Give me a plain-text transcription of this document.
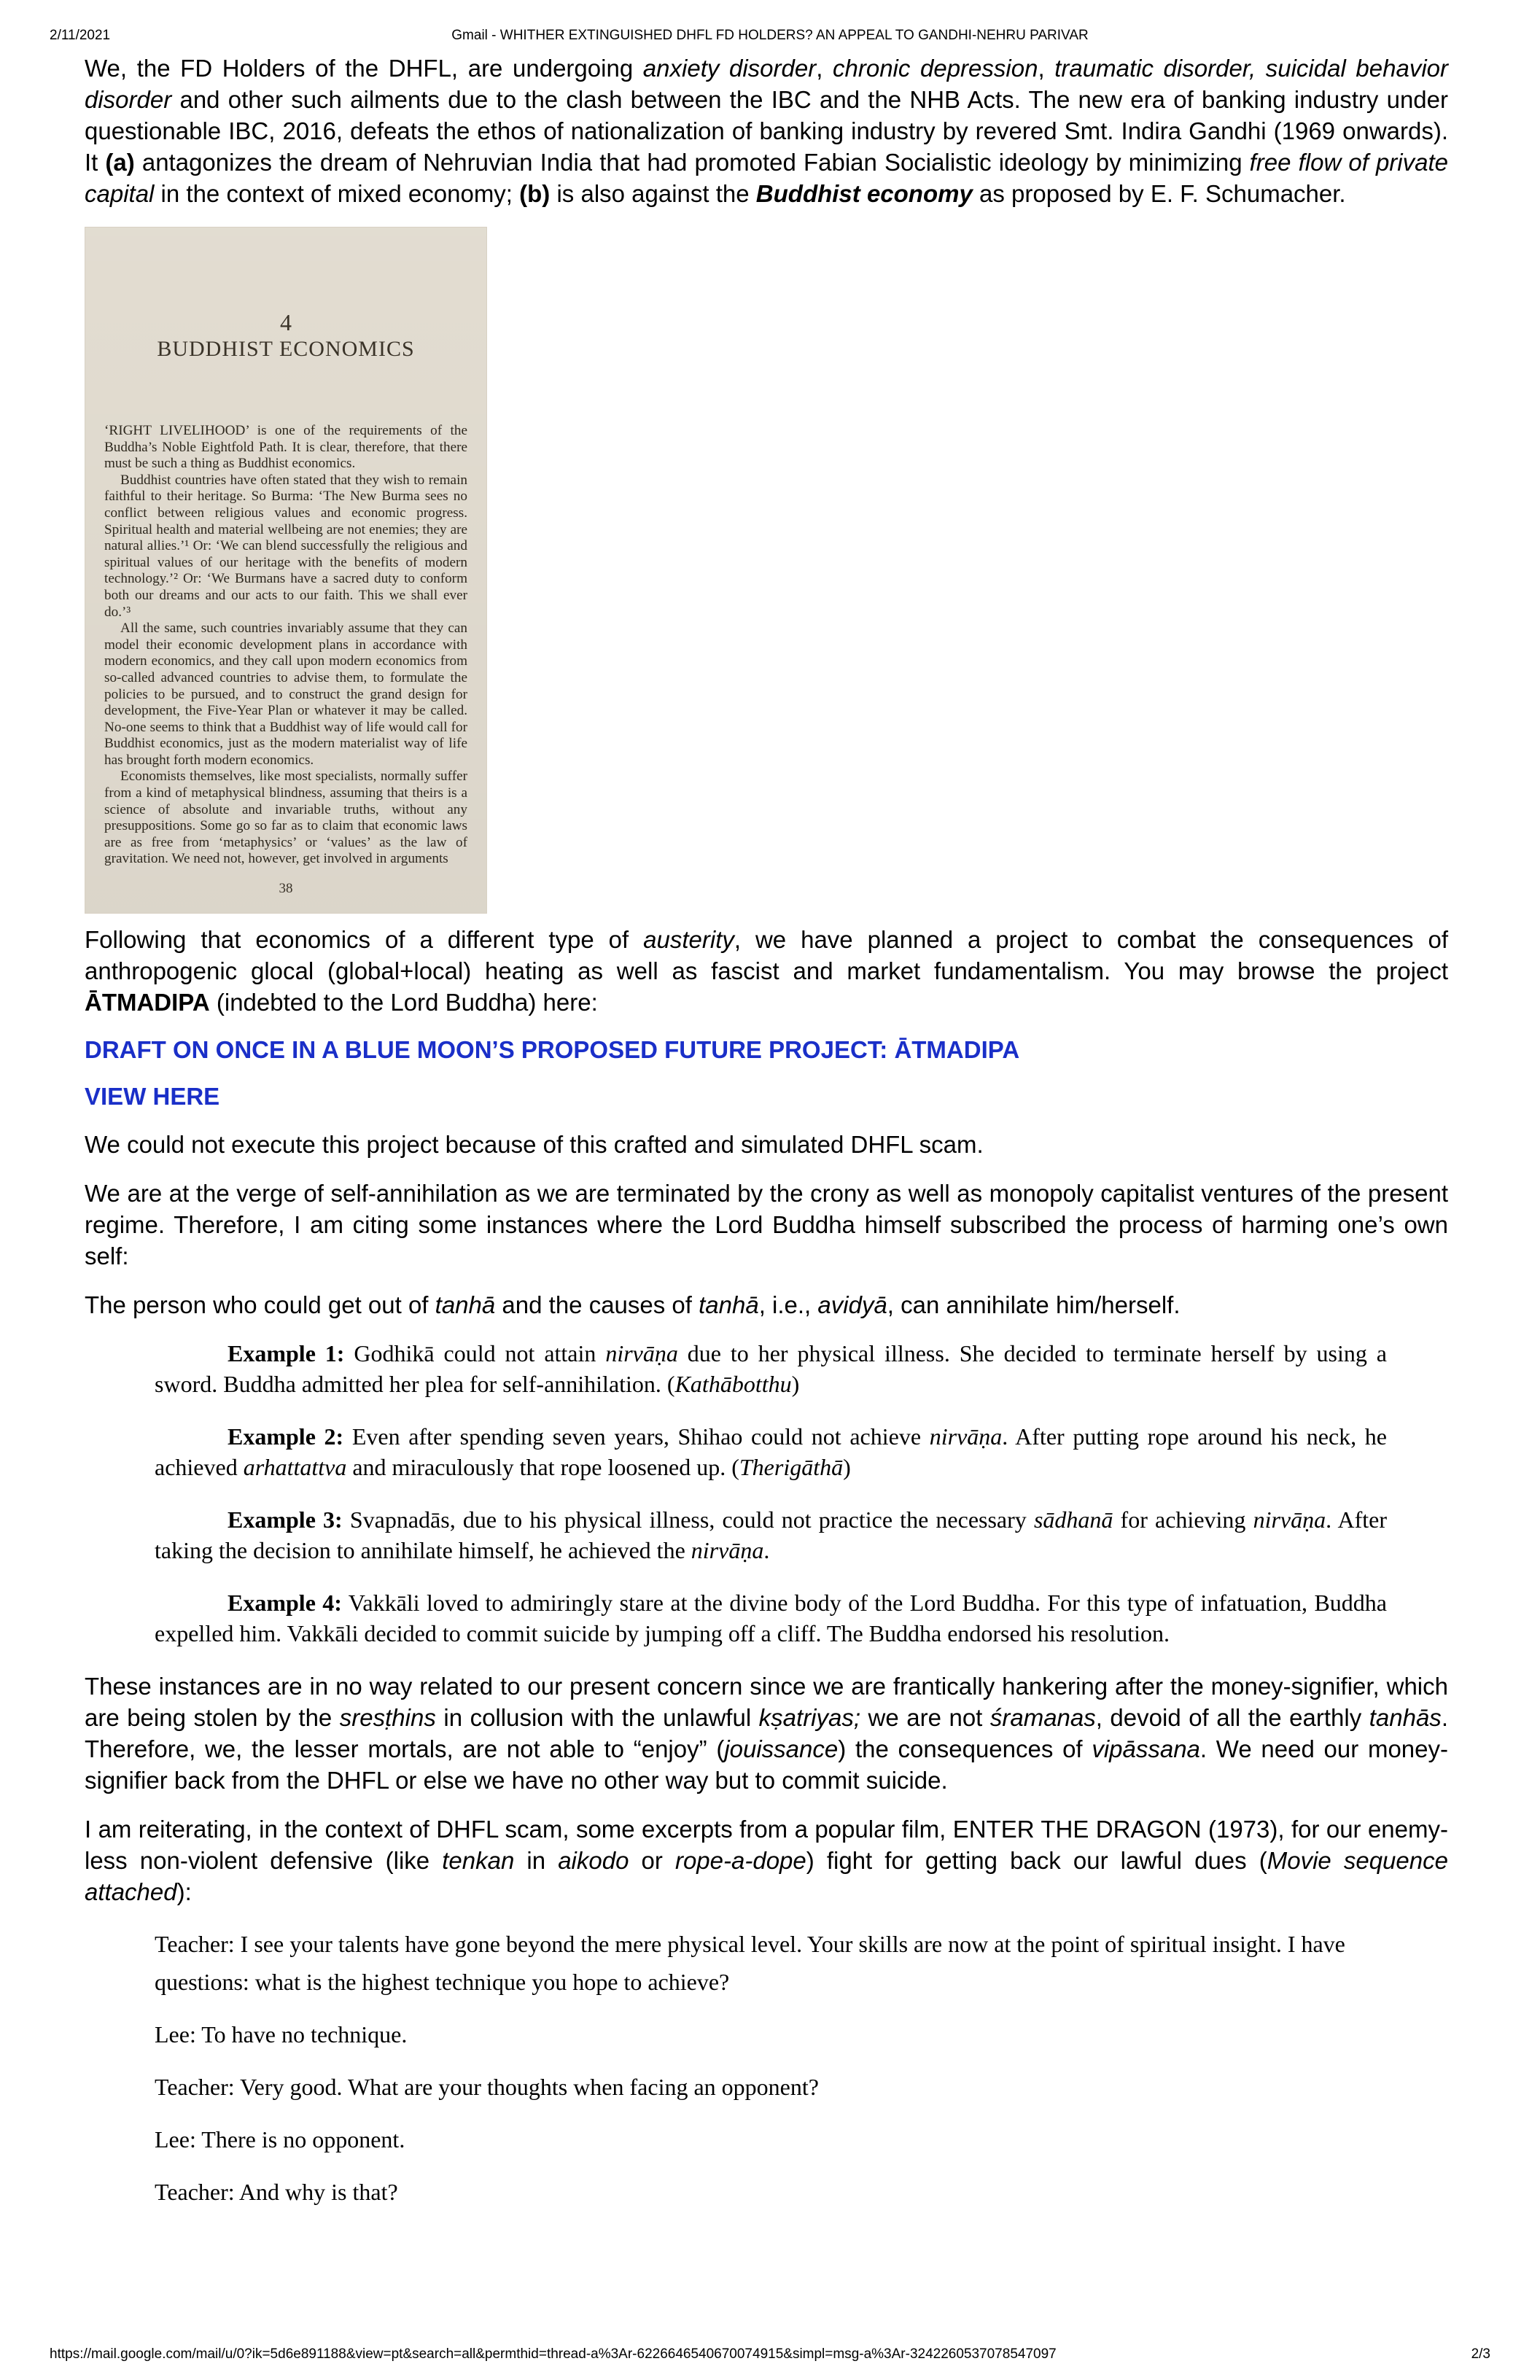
2/11/2021	Gmail - WHITHER EXTINGUISHED DHFL FD HOLDERS? AN APPEAL TO GANDHI-NEHRU PARIVAR

We, the FD Holders of the DHFL, are undergoing anxiety disorder, chronic depression, traumatic disorder, suicidal behavior disorder and other such ailments due to the clash between the IBC and the NHB Acts. The new era of banking industry under questionable IBC, 2016, defeats the ethos of nationalization of banking industry by revered Smt. Indira Gandhi (1969 onwards). It (a) antagonizes the dream of Nehruvian India that had promoted Fabian Socialistic ideology by minimizing free flow of private capital in the context of mixed economy; (b) is also against the Buddhist economy as proposed by E. F. Schumacher.

4
BUDDHIST ECONOMICS

‘RIGHT LIVELIHOOD’ is one of the requirements of the Buddha’s Noble Eightfold Path. It is clear, therefore, that there must be such a thing as Buddhist economics.

Buddhist countries have often stated that they wish to remain faithful to their heritage. So Burma: ‘The New Burma sees no conflict between religious values and economic progress. Spiritual health and material wellbeing are not enemies; they are natural allies.’¹ Or: ‘We can blend successfully the religious and spiritual values of our heritage with the benefits of modern technology.’² Or: ‘We Burmans have a sacred duty to conform both our dreams and our acts to our faith. This we shall ever do.’³

All the same, such countries invariably assume that they can model their economic development plans in accordance with modern economics, and they call upon modern economics from so-called advanced countries to advise them, to formulate the policies to be pursued, and to construct the grand design for development, the Five-Year Plan or whatever it may be called. No-one seems to think that a Buddhist way of life would call for Buddhist economics, just as the modern materialist way of life has brought forth modern economics.

Economists themselves, like most specialists, normally suffer from a kind of metaphysical blindness, assuming that theirs is a science of absolute and invariable truths, without any presuppositions. Some go so far as to claim that economic laws are as free from ‘metaphysics’ or ‘values’ as the law of gravitation. We need not, however, get involved in arguments

38

Following that economics of a different type of austerity, we have planned a project to combat the consequences of anthropogenic glocal (global+local) heating as well as fascist and market fundamentalism. You may browse the project ĀTMADIPA (indebted to the Lord Buddha) here:

DRAFT ON ONCE IN A BLUE MOON’S PROPOSED FUTURE PROJECT: ĀTMADIPA
VIEW HERE

We could not execute this project because of this crafted and simulated DHFL scam.

We are at the verge of self-annihilation as we are terminated by the crony as well as monopoly capitalist ventures of the present regime. Therefore, I am citing some instances where the Lord Buddha himself subscribed the process of harming one’s own self:

The person who could get out of tanhā and the causes of tanhā, i.e., avidyā, can annihilate him/herself.

Example 1: Godhikā could not attain nirvāṇa due to her physical illness. She decided to terminate herself by using a sword. Buddha admitted her plea for self-annihilation. (Kathābotthu)

Example 2: Even after spending seven years, Shihao could not achieve nirvāṇa. After putting rope around his neck, he achieved arhattattva and miraculously that rope loosened up. (Therigāthā)

Example 3: Svapnadās, due to his physical illness, could not practice the necessary sādhanā for achieving nirvāṇa. After taking the decision to annihilate himself, he achieved the nirvāṇa.

Example 4: Vakkāli loved to admiringly stare at the divine body of the Lord Buddha. For this type of infatuation, Buddha expelled him. Vakkāli decided to commit suicide by jumping off a cliff. The Buddha endorsed his resolution.

These instances are in no way related to our present concern since we are frantically hankering after the money-signifier, which are being stolen by the sresṭhins in collusion with the unlawful kṣatriyas; we are not śramanas, devoid of all the earthly tanhās. Therefore, we, the lesser mortals, are not able to “enjoy” (jouissance) the consequences of vipāssana. We need our money-signifier back from the DHFL or else we have no other way but to commit suicide.

I am reiterating, in the context of DHFL scam, some excerpts from a popular film, ENTER THE DRAGON (1973), for our enemy-less non-violent defensive (like tenkan in aikodo or rope-a-dope) fight for getting back our lawful dues (Movie sequence attached):

Teacher: I see your talents have gone beyond the mere physical level. Your skills are now at the point of spiritual insight. I have questions: what is the highest technique you hope to achieve?

Lee: To have no technique.

Teacher: Very good. What are your thoughts when facing an opponent?

Lee: There is no opponent.

Teacher: And why is that?

https://mail.google.com/mail/u/0?ik=5d6e891188&view=pt&search=all&permthid=thread-a%3Ar-6226646540670074915&simpl=msg-a%3Ar-3242260537078547097	2/3
